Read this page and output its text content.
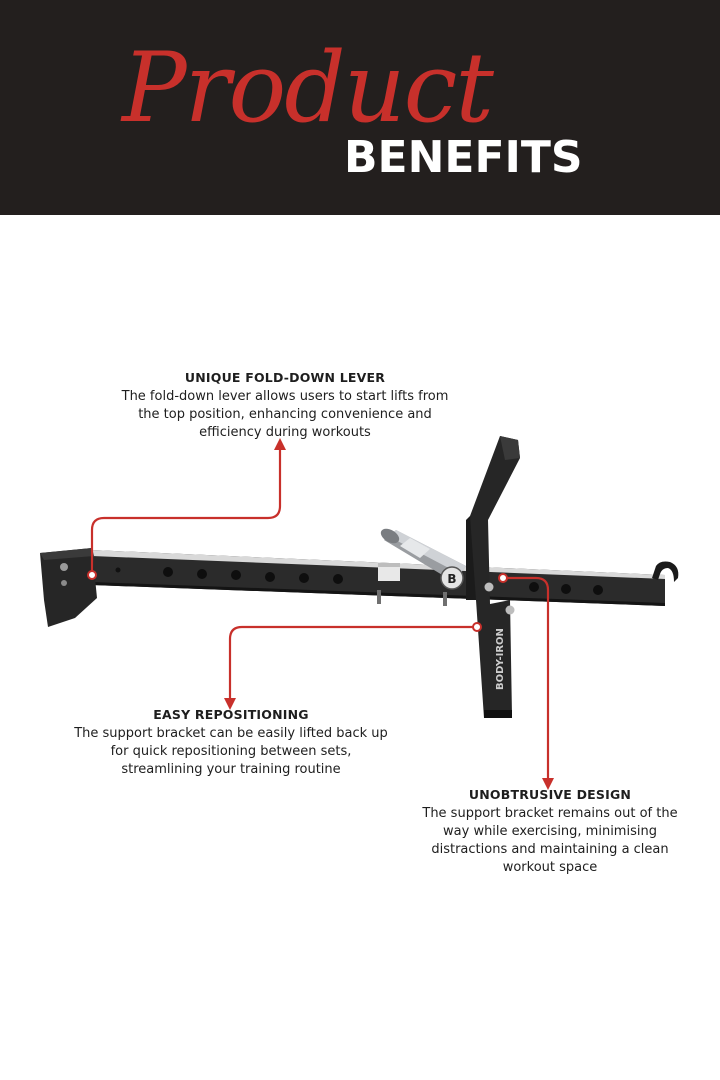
Product
BENEFITS
B
BODY-IRON
UNIQUE FOLD-DOWN LEVER
The fold-down lever allows users to start lifts from the top position, enhancing convenience and efficiency during workouts
EASY REPOSITIONING
The support bracket can be easily lifted back up for quick repositioning between sets, streamlining your training routine
UNOBTRUSIVE DESIGN
The support bracket remains out of the way while exercising, minimising distractions and maintaining a clean workout space
